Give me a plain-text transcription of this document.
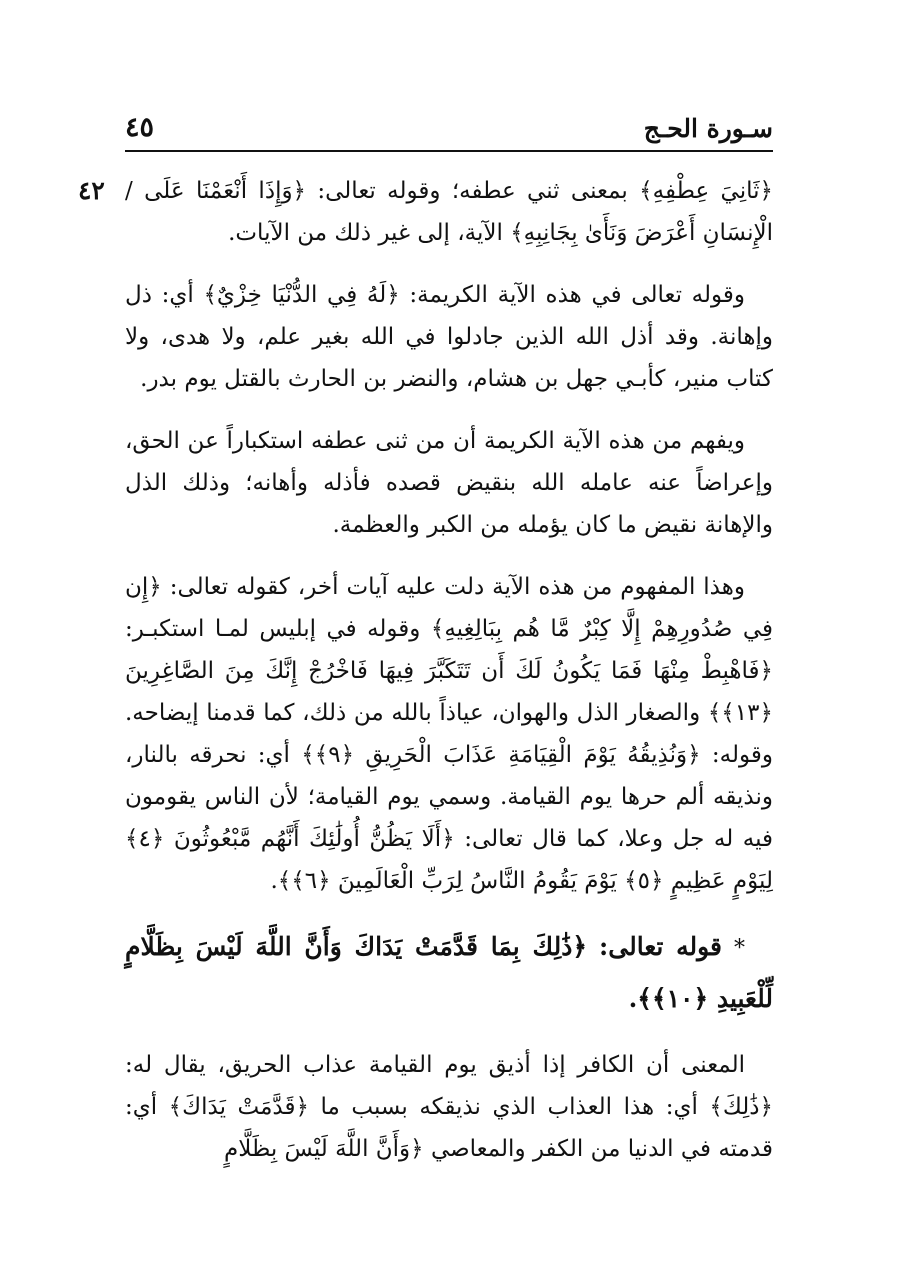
سـورة الحـج
٤٥
٤٢ ﴿ثَانِيَ عِطْفِهِ﴾ بمعنى ثني عطفه؛ وقوله تعالى: ﴿وَإِذَا أَنْعَمْنَا عَلَى / الْإِنسَانِ أَعْرَضَ وَنَأَىٰ بِجَانِبِهِ﴾ الآية، إلى غير ذلك من الآيات.

وقوله تعالى في هذه الآية الكريمة: ﴿لَهُ فِي الدُّنْيَا خِزْيٌ﴾ أي: ذل وإهانة. وقد أذل الله الذين جادلوا في الله بغير علم، ولا هدى، ولا كتاب منير، كأبـي جهل بن هشام، والنضر بن الحارث بالقتل يوم بدر.

ويفهم من هذه الآية الكريمة أن من ثنى عطفه استكباراً عن الحق، وإعراضاً عنه عامله الله بنقيض قصده فأذله وأهانه؛ وذلك الذل والإهانة نقيض ما كان يؤمله من الكبر والعظمة.

وهذا المفهوم من هذه الآية دلت عليه آيات أخر، كقوله تعالى: ﴿إِن فِي صُدُورِهِمْ إِلَّا كِبْرٌ مَّا هُم بِبَالِغِيهِ﴾ وقوله في إبليس لمـا استكبـر: ﴿فَاهْبِطْ مِنْهَا فَمَا يَكُونُ لَكَ أَن تَتَكَبَّرَ فِيهَا فَاخْرُجْ إِنَّكَ مِنَ الصَّاغِرِينَ ﴿١٣﴾﴾ والصغار الذل والهوان، عياذاً بالله من ذلك، كما قدمنا إيضاحه. وقوله: ﴿وَنُذِيقُهُ يَوْمَ الْقِيَامَةِ عَذَابَ الْحَرِيقِ ﴿٩﴾﴾ أي: نحرقه بالنار، ونذيقه ألم حرها يوم القيامة. وسمي يوم القيامة؛ لأن الناس يقومون فيه له جل وعلا، كما قال تعالى: ﴿أَلَا يَظُنُّ أُولَٰئِكَ أَنَّهُم مَّبْعُوثُونَ ﴿٤﴾ لِيَوْمٍ عَظِيمٍ ﴿٥﴾ يَوْمَ يَقُومُ النَّاسُ لِرَبِّ الْعَالَمِينَ ﴿٦﴾﴾.

* قوله تعالى: ﴿ذَٰلِكَ بِمَا قَدَّمَتْ يَدَاكَ وَأَنَّ اللَّهَ لَيْسَ بِظَلَّامٍ لِّلْعَبِيدِ ﴿١٠﴾﴾.

المعنى أن الكافر إذا أذيق يوم القيامة عذاب الحريق، يقال له: ﴿ذَٰلِكَ﴾ أي: هذا العذاب الذي نذيقكه بسبب ما ﴿قَدَّمَتْ يَدَاكَ﴾ أي: قدمته في الدنيا من الكفر والمعاصي ﴿وَأَنَّ اللَّهَ لَيْسَ بِظَلَّامٍ
